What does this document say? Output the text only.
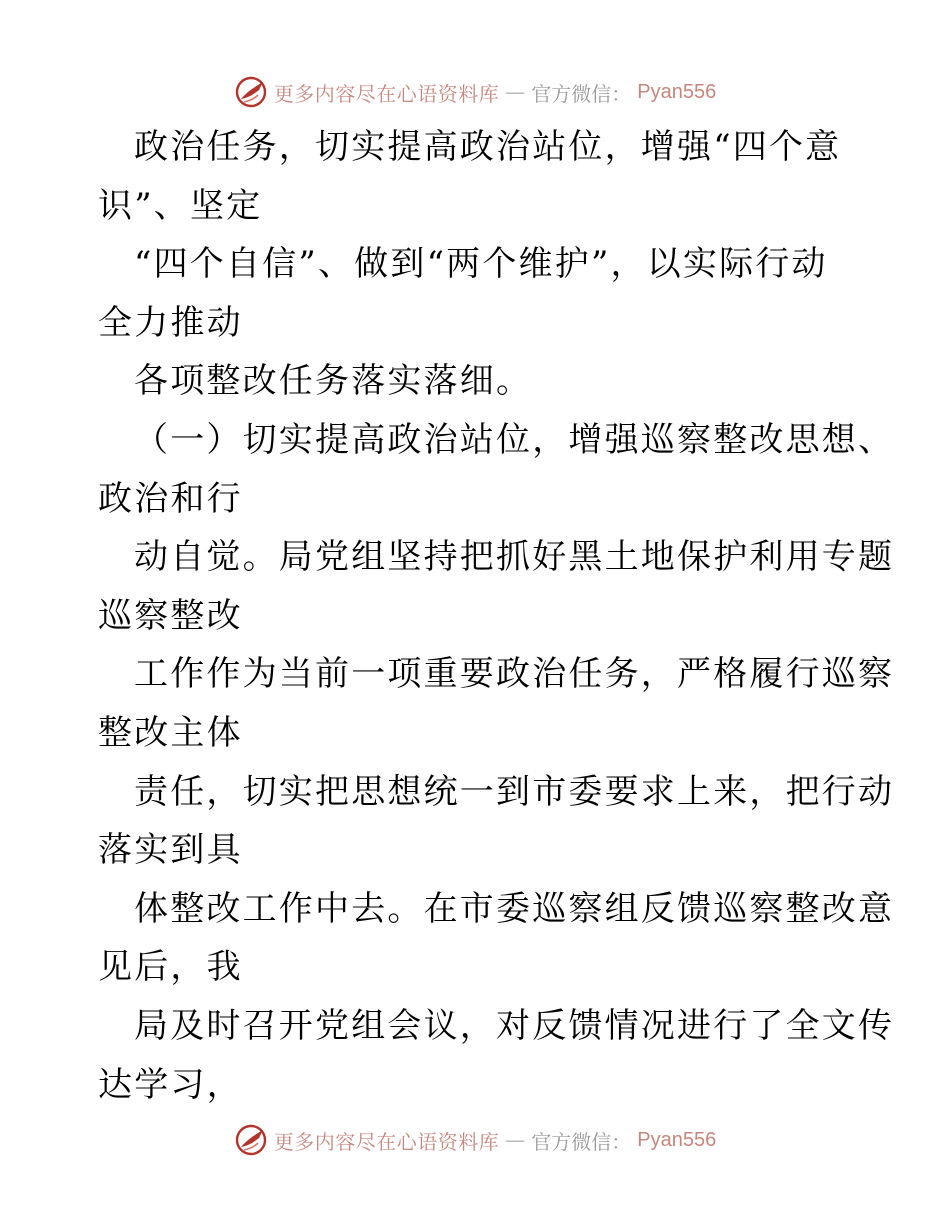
更多内容尽在心语资料库 — 官方微信： Pyan556
政治任务，切实提高政治站位，增强“四个意
识”、坚定
“四个自信”、做到“两个维护”，以实际行动
全力推动
各项整改任务落实落细。
（一）切实提高政治站位，增强巡察整改思想、
政治和行
动自觉。局党组坚持把抓好黑土地保护利用专题
巡察整改
工作作为当前一项重要政治任务，严格履行巡察
整改主体
责任，切实把思想统一到市委要求上来，把行动
落实到具
体整改工作中去。在市委巡察组反馈巡察整改意
见后，我
局及时召开党组会议，对反馈情况进行了全文传
达学习，
更多内容尽在心语资料库 — 官方微信： Pyan556
